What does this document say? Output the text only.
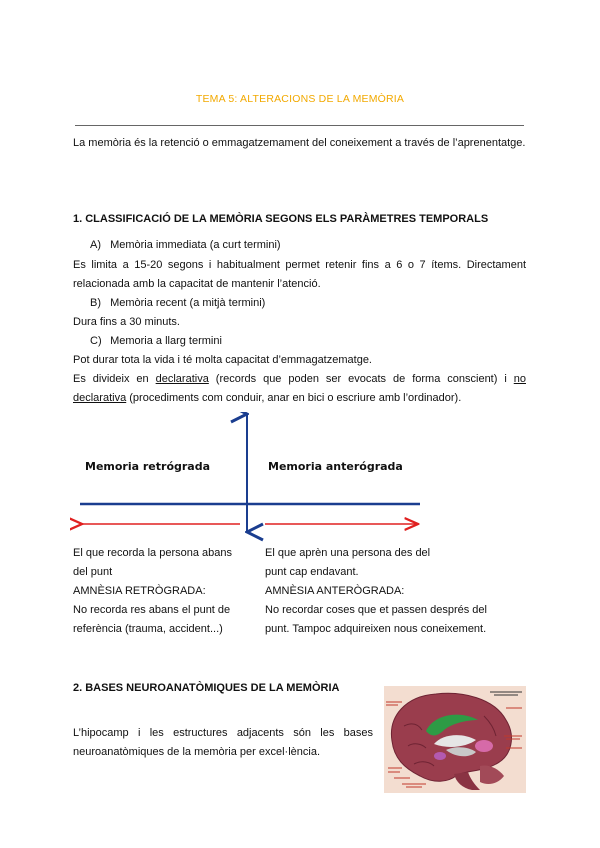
TEMA 5: ALTERACIONS DE LA MEMÒRIA
La memòria és la retenció o emmagatzemament del coneixement a través de l’aprenentatge.
1. CLASSIFICACIÓ DE LA MEMÒRIA SEGONS ELS PARÀMETRES TEMPORALS
A) Memòria immediata (a curt termini)
Es limita a 15-20 segons i habitualment permet retenir fins a 6 o 7 ítems. Directament relacionada amb la capacitat de mantenir l’atenció.
B) Memòria recent (a mitjà termini)
Dura fins a 30 minuts.
C) Memoria a llarg termini
Pot durar tota la vida i té molta capacitat d’emmagatzematge.
Es divideix en declarativa (records que poden ser evocats de forma conscient) i no declarativa (procediments com conduir, anar en bici o escriure amb l’ordinador).
Memoria retrógrada	Memoria anterógrada
El que recorda la persona abans
del punt
AMNÈSIA RETRÒGRADA:
No recorda res abans el punt de
referència (trauma, accident...)
El que aprèn una persona des del
punt cap endavant.
AMNÈSIA ANTERÒGRADA:
No recordar coses que et passen després del
punt. Tampoc adquireixen nous coneixement.
2. BASES NEUROANATÒMIQUES DE LA MEMÒRIA
L’hipocamp i les estructures adjacents són les bases neuroanatòmiques de la memòria per excel·lència.
